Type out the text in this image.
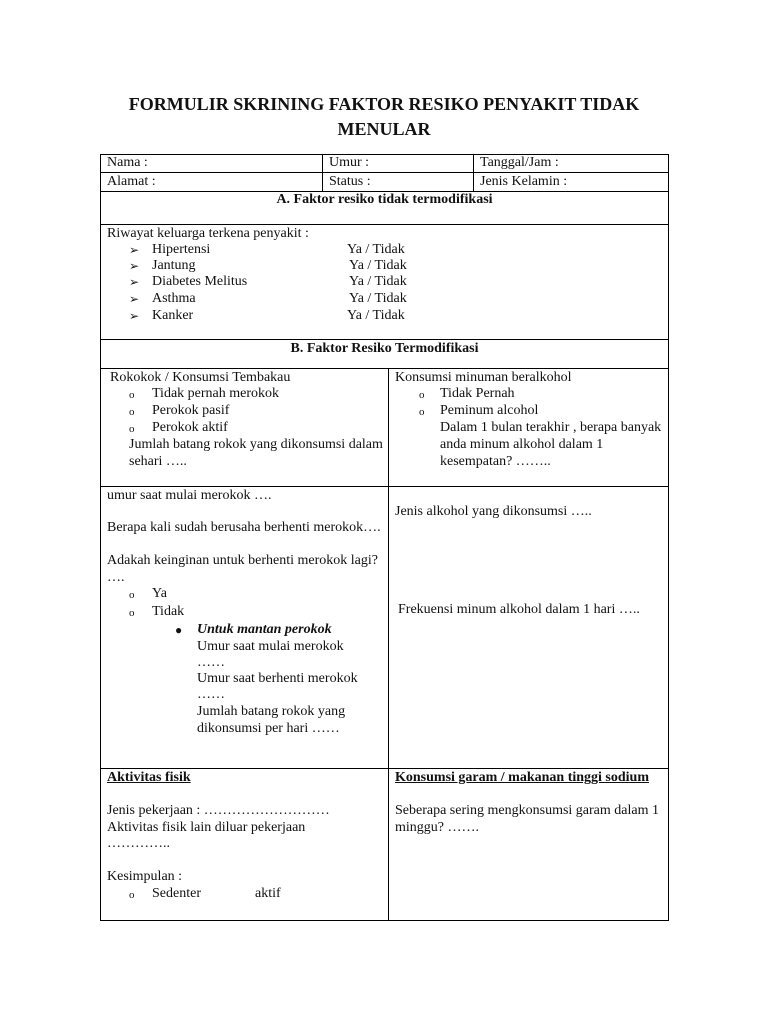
FORMULIR SKRINING FAKTOR RESIKO PENYAKIT TIDAK
MENULAR
Nama :	Umur :	Tanggal/Jam :
Alamat :	Status :	Jenis Kelamin :
A. Faktor resiko tidak termodifikasi
Riwayat keluarga terkena penyakit :
➢ Hipertensi	Ya / Tidak
➢ Jantung	Ya / Tidak
➢ Diabetes Melitus	Ya / Tidak
➢ Asthma	Ya / Tidak
➢ Kanker	Ya / Tidak
B. Faktor Resiko Termodifikasi
Rokokok / Konsumsi Tembakau
o Tidak pernah merokok
o Perokok pasif
o Perokok aktif
Jumlah batang rokok yang dikonsumsi dalam
sehari …..
Konsumsi minuman beralkohol
o Tidak Pernah
o Peminum alcohol
Dalam 1 bulan terakhir , berapa banyak
anda minum alkohol dalam 1
kesempatan? ……..
umur saat mulai merokok ….
Berapa kali sudah berusaha berhenti merokok….
Adakah keinginan untuk berhenti merokok lagi?
….
o Ya
o Tidak
● Untuk mantan perokok
Umur saat mulai merokok
……
Umur saat berhenti merokok
……
Jumlah batang rokok yang
dikonsumsi per hari ……
Jenis alkohol yang dikonsumsi …..
Frekuensi minum alkohol dalam 1 hari …..
Aktivitas fisik
Jenis pekerjaan : ………………………
Aktivitas fisik lain diluar pekerjaan
…………..
Kesimpulan :
o Sedenter	aktif
Konsumsi garam / makanan tinggi sodium
Seberapa sering mengkonsumsi garam dalam 1
minggu? …….
